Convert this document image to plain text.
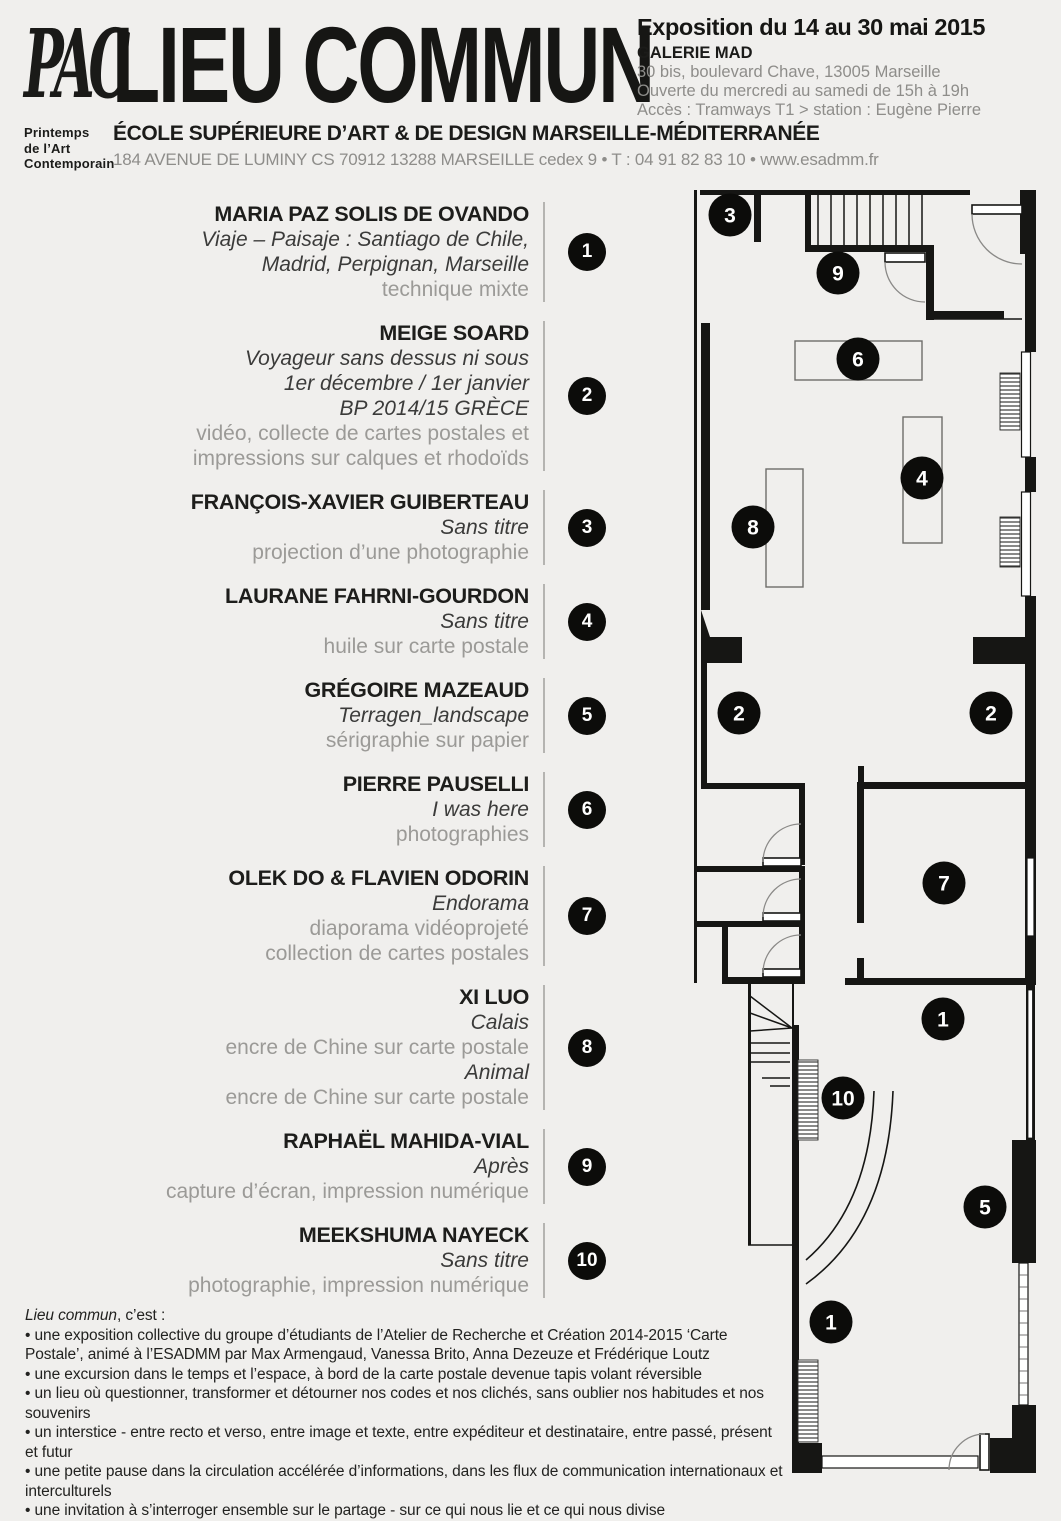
PAC
Printemps
de l’Art
Contemporain
LIEU COMMUN
ÉCOLE SUPÉRIEURE D’ART & DE DESIGN MARSEILLE-MÉDITERRANÉE
184 AVENUE DE LUMINY CS 70912 13288 MARSEILLE cedex 9 • T : 04 91 82 83 10 • www.esadmm.fr
Exposition du 14 au 30 mai 2015
GALERIE MAD
30 bis, boulevard Chave, 13005 Marseille
Ouverte du mercredi au samedi de 15h à 19h
Accès : Tramways T1 > station : Eugène Pierre
MARIA PAZ SOLIS DE OVANDO
Viaje – Paisaje : Santiago de Chile,
Madrid, Perpignan, Marseille
technique mixte
1
MEIGE SOARD
Voyageur sans dessus ni sous
1er décembre / 1er janvier
BP 2014/15 GRÈCE
vidéo, collecte de cartes postales et
impressions sur calques et rhodoïds
2
FRANÇOIS-XAVIER GUIBERTEAU
Sans titre
projection d’une photographie
3
LAURANE FAHRNI-GOURDON
Sans titre
huile sur carte postale
4
GRÉGOIRE MAZEAUD
Terragen_landscape
sérigraphie sur papier
5
PIERRE PAUSELLI
I was here
photographies
6
OLEK DO & FLAVIEN ODORIN
Endorama
diaporama vidéoprojeté
collection de cartes postales
7
XI LUO
Calais
encre de Chine sur carte postale
Animal
encre de Chine sur carte postale
8
RAPHAËL MAHIDA-VIAL
Après
capture d’écran, impression numérique
9
MEEKSHUMA NAYECK
Sans titre
photographie, impression numérique
10
3
9
6
4
8
2	2
7
1
10
5
1
Lieu commun, c’est :
• une exposition collective du groupe d’étudiants de l’Atelier de Recherche et Création 2014-2015 ‘Carte Postale’, animé à l’ESADMM par Max Armengaud, Vanessa Brito, Anna Dezeuze et Frédérique Loutz
• une excursion dans le temps et l’espace, à bord de la carte postale devenue tapis volant réversible
• un lieu où questionner, transformer et détourner nos codes et nos clichés, sans oublier nos habitudes et nos souvenirs
• un interstice - entre recto et verso, entre image et texte, entre expéditeur et destinataire, entre passé, présent et futur
• une petite pause dans la circulation accélérée d’informations, dans les flux de communication internationaux et interculturels
• une invitation à s’interroger ensemble sur le partage - sur ce qui nous lie et ce qui nous divise
